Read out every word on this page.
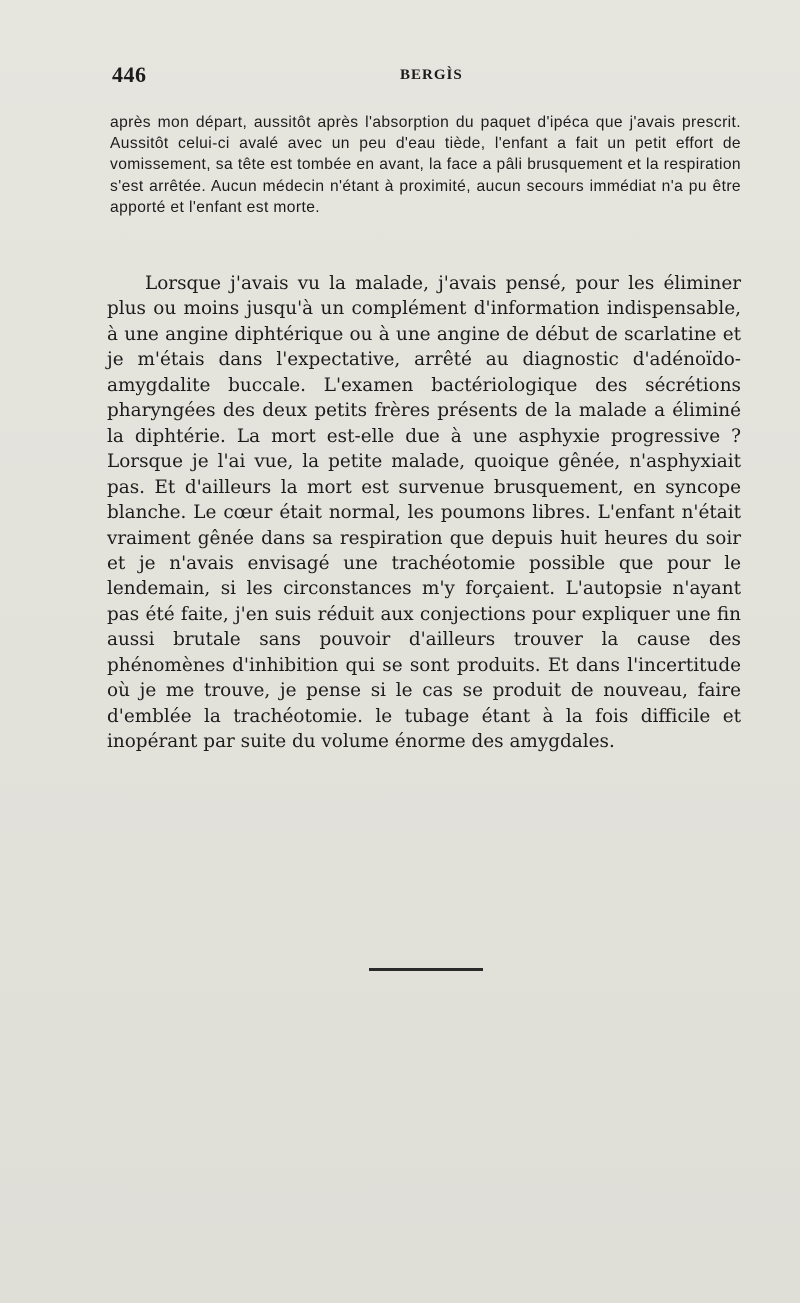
446	BERGÌS

après mon départ, aussitôt après l'absorption du paquet d'ipéca que j'avais prescrit. Aussitôt celui-ci avalé avec un peu d'eau tiède, l'enfant a fait un petit effort de vomissement, sa tête est tombée en avant, la face a pâli brusquement et la respiration s'est arrêtée. Aucun médecin n'étant à proximité, aucun secours immédiat n'a pu être apporté et l'enfant est morte.

Lorsque j'avais vu la malade, j'avais pensé, pour les éliminer plus ou moins jusqu'à un complément d'information indispensable, à une angine diphtérique ou à une angine de début de scarlatine et je m'étais dans l'expectative, arrêté au diagnostic d'adénoïdo-amygdalite buccale. L'examen bactériologique des sécrétions pharyngées des deux petits frères présents de la malade a éliminé la diphtérie. La mort est-elle due à une asphyxie progressive ? Lorsque je l'ai vue, la petite malade, quoique gênée, n'asphyxiait pas. Et d'ailleurs la mort est survenue brusquement, en syncope blanche. Le cœur était normal, les poumons libres. L'enfant n'était vraiment gênée dans sa respiration que depuis huit heures du soir et je n'avais envisagé une trachéotomie possible que pour le lendemain, si les circonstances m'y forçaient. L'autopsie n'ayant pas été faite, j'en suis réduit aux conjections pour expliquer une fin aussi brutale sans pouvoir d'ailleurs trouver la cause des phénomènes d'inhibition qui se sont produits. Et dans l'incertitude où je me trouve, je pense si le cas se produit de nouveau, faire d'emblée la trachéotomie. le tubage étant à la fois difficile et inopérant par suite du volume énorme des amygdales.
